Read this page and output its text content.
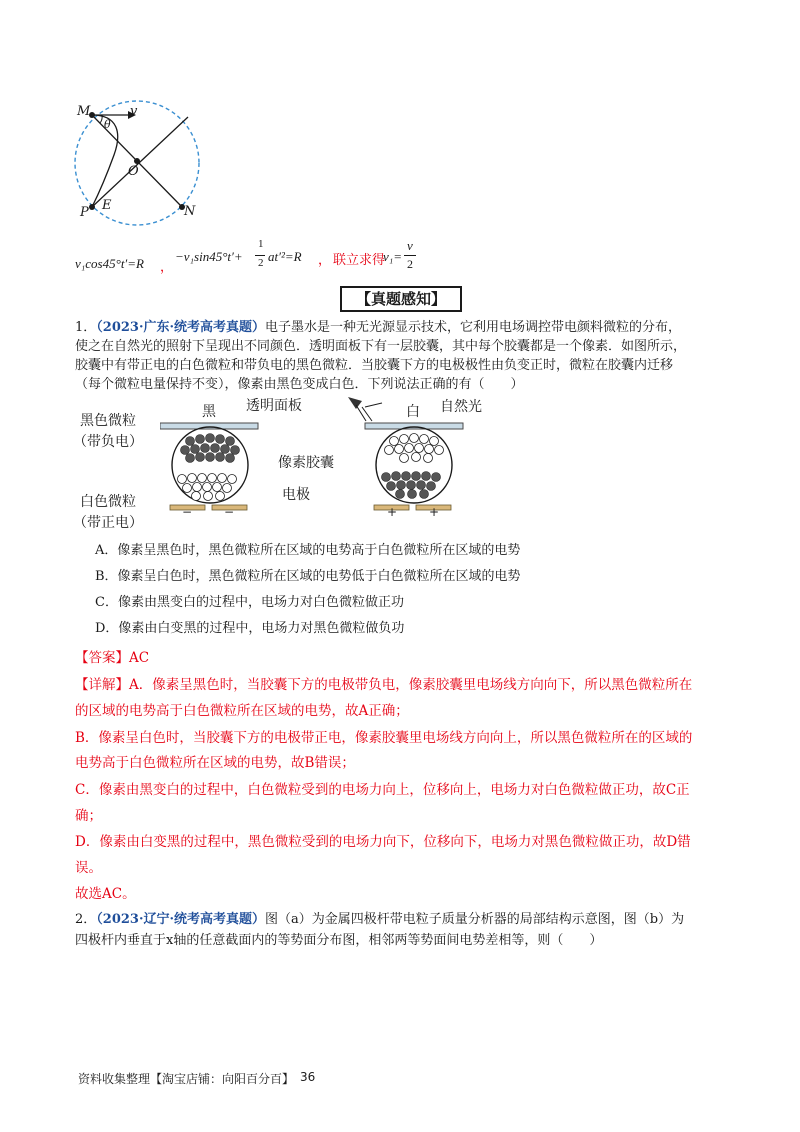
M
θ
v
O
P E	N
v₁cos45°t′=R ，
−v₁sin45°t′+
1
2 at′²=R ， 联立求得
v₁=
v
2
【真题感知】
1．（2023·广东·统考高考真题）电子墨水是一种无光源显示技术，它利用电场调控带电颜料微粒的分布，
使之在自然光的照射下呈现出不同颜色．透明面板下有一层胶囊，其中每个胶囊都是一个像素．如图所示，
胶囊中有带正电的白色微粒和带负电的黑色微粒．当胶囊下方的电极极性由负变正时，微粒在胶囊内迁移
（每个微粒电量保持不变），像素由黑色变成白色．下列说法正确的有（　　）
黑色微粒
（带负电）
白色微粒
（带正电）
黑 透明面板
像素胶囊
电极
白 自然光
−	−	+	+
A．像素呈黑色时，黑色微粒所在区域的电势高于白色微粒所在区域的电势
B．像素呈白色时，黑色微粒所在区域的电势低于白色微粒所在区域的电势
C．像素由黑变白的过程中，电场力对白色微粒做正功
D．像素由白变黑的过程中，电场力对黑色微粒做负功
【答案】AC
【详解】A．像素呈黑色时，当胶囊下方的电极带负电，像素胶囊里电场线方向向下，所以黑色微粒所在
的区域的电势高于白色微粒所在区域的电势，故A正确；
B．像素呈白色时，当胶囊下方的电极带正电，像素胶囊里电场线方向向上，所以黑色微粒所在的区域的
电势高于白色微粒所在区域的电势，故B错误；
C．像素由黑变白的过程中，白色微粒受到的电场力向上，位移向上，电场力对白色微粒做正功，故C正
确；
D．像素由白变黑的过程中，黑色微粒受到的电场力向下，位移向下，电场力对黑色微粒做正功，故D错
误。
故选AC。
2．（2023·辽宁·统考高考真题）图（a）为金属四极杆带电粒子质量分析器的局部结构示意图，图（b）为
四极杆内垂直于x轴的任意截面内的等势面分布图，相邻两等势面间电势差相等，则（　　）
资料收集整理【淘宝店铺：向阳百分百】 36
